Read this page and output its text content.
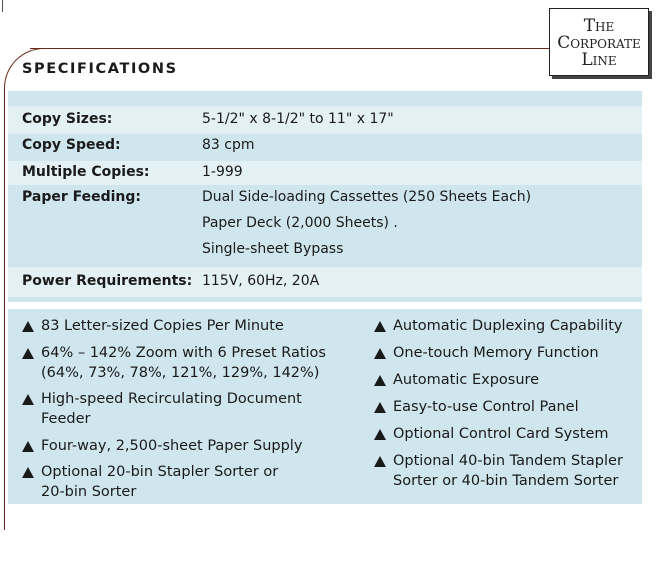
The
Corporate
Line
SPECIFICATIONS
Copy Sizes:	5-1/2" x 8-1/2" to 11" x 17"
Copy Speed:	83 cpm
Multiple Copies:	1-999
Paper Feeding:	Dual Side-loading Cassettes (250 Sheets Each)
Paper Deck (2,000 Sheets) .
Single-sheet Bypass
Power Requirements: 115V, 60Hz, 20A
83 Letter-sized Copies Per Minute
64% – 142% Zoom with 6 Preset Ratios
(64%, 73%, 78%, 121%, 129%, 142%)
High-speed Recirculating Document Feeder
Four-way, 2,500-sheet Paper Supply
Optional 20-bin Stapler Sorter or
20-bin Sorter
Automatic Duplexing Capability
One-touch Memory Function
Automatic Exposure
Easy-to-use Control Panel
Optional Control Card System
Optional 40-bin Tandem Stapler
Sorter or 40-bin Tandem Sorter
